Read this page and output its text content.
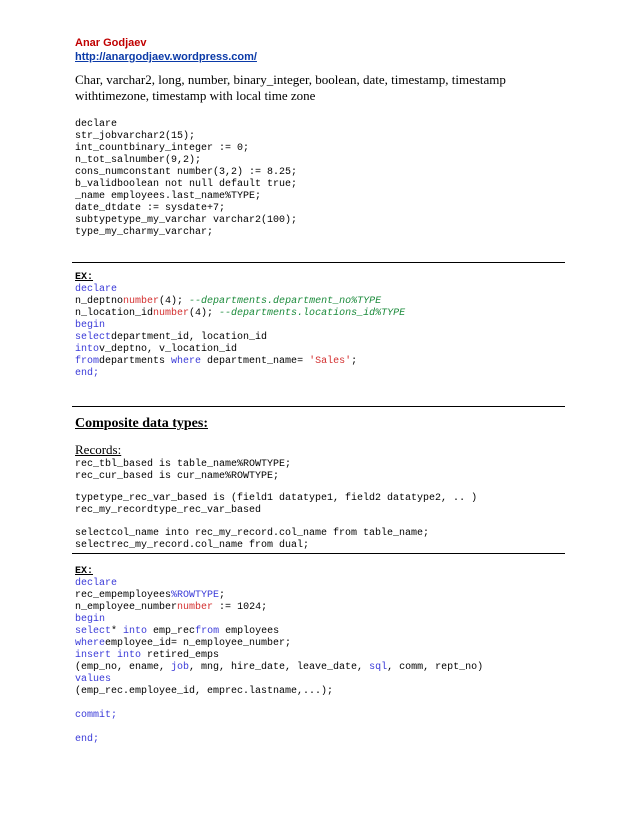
Anar Godjaev
http://anargodjaev.wordpress.com/
Char, varchar2, long, number, binary_integer, boolean, date, timestamp, timestamp withtimezone, timestamp with local time zone
declare
str_jobvarchar2(15);
int_countbinary_integer := 0;
n_tot_salnumber(9,2);
cons_numconstant number(3,2) := 8.25;
b_validboolean not null default true;
_name employees.last_name%TYPE;
date_dtdate := sysdate+7;
subtypetype_my_varchar varchar2(100);
type_my_charmy_varchar;
EX:
declare
n_deptnonumber(4); --departments.department_no%TYPE
n_location_idnumber(4); --departments.locations_id%TYPE
begin
selectdepartment_id, location_id
intov_deptno, v_location_id
fromdepartments where department_name= 'Sales';
end;
Composite data types:
Records:
rec_tbl_based is table_name%ROWTYPE;
rec_cur_based is cur_name%ROWTYPE;
typetype_rec_var_based is (field1 datatype1, field2 datatype2, .. )
rec_my_recordtype_rec_var_based
selectcol_name into rec_my_record.col_name from table_name;
selectrec_my_record.col_name from dual;
EX:
declare
rec_empemployees%ROWTYPE;
n_employee_numbernumber := 1024;
begin
select* into emp_recfrom employees
whereemployee_id= n_employee_number;
insert into retired_emps
(emp_no, ename, job, mng, hire_date, leave_date, sql, comm, rept_no)
values
(emp_rec.employee_id, emprec.lastname,...);

commit;

end;
